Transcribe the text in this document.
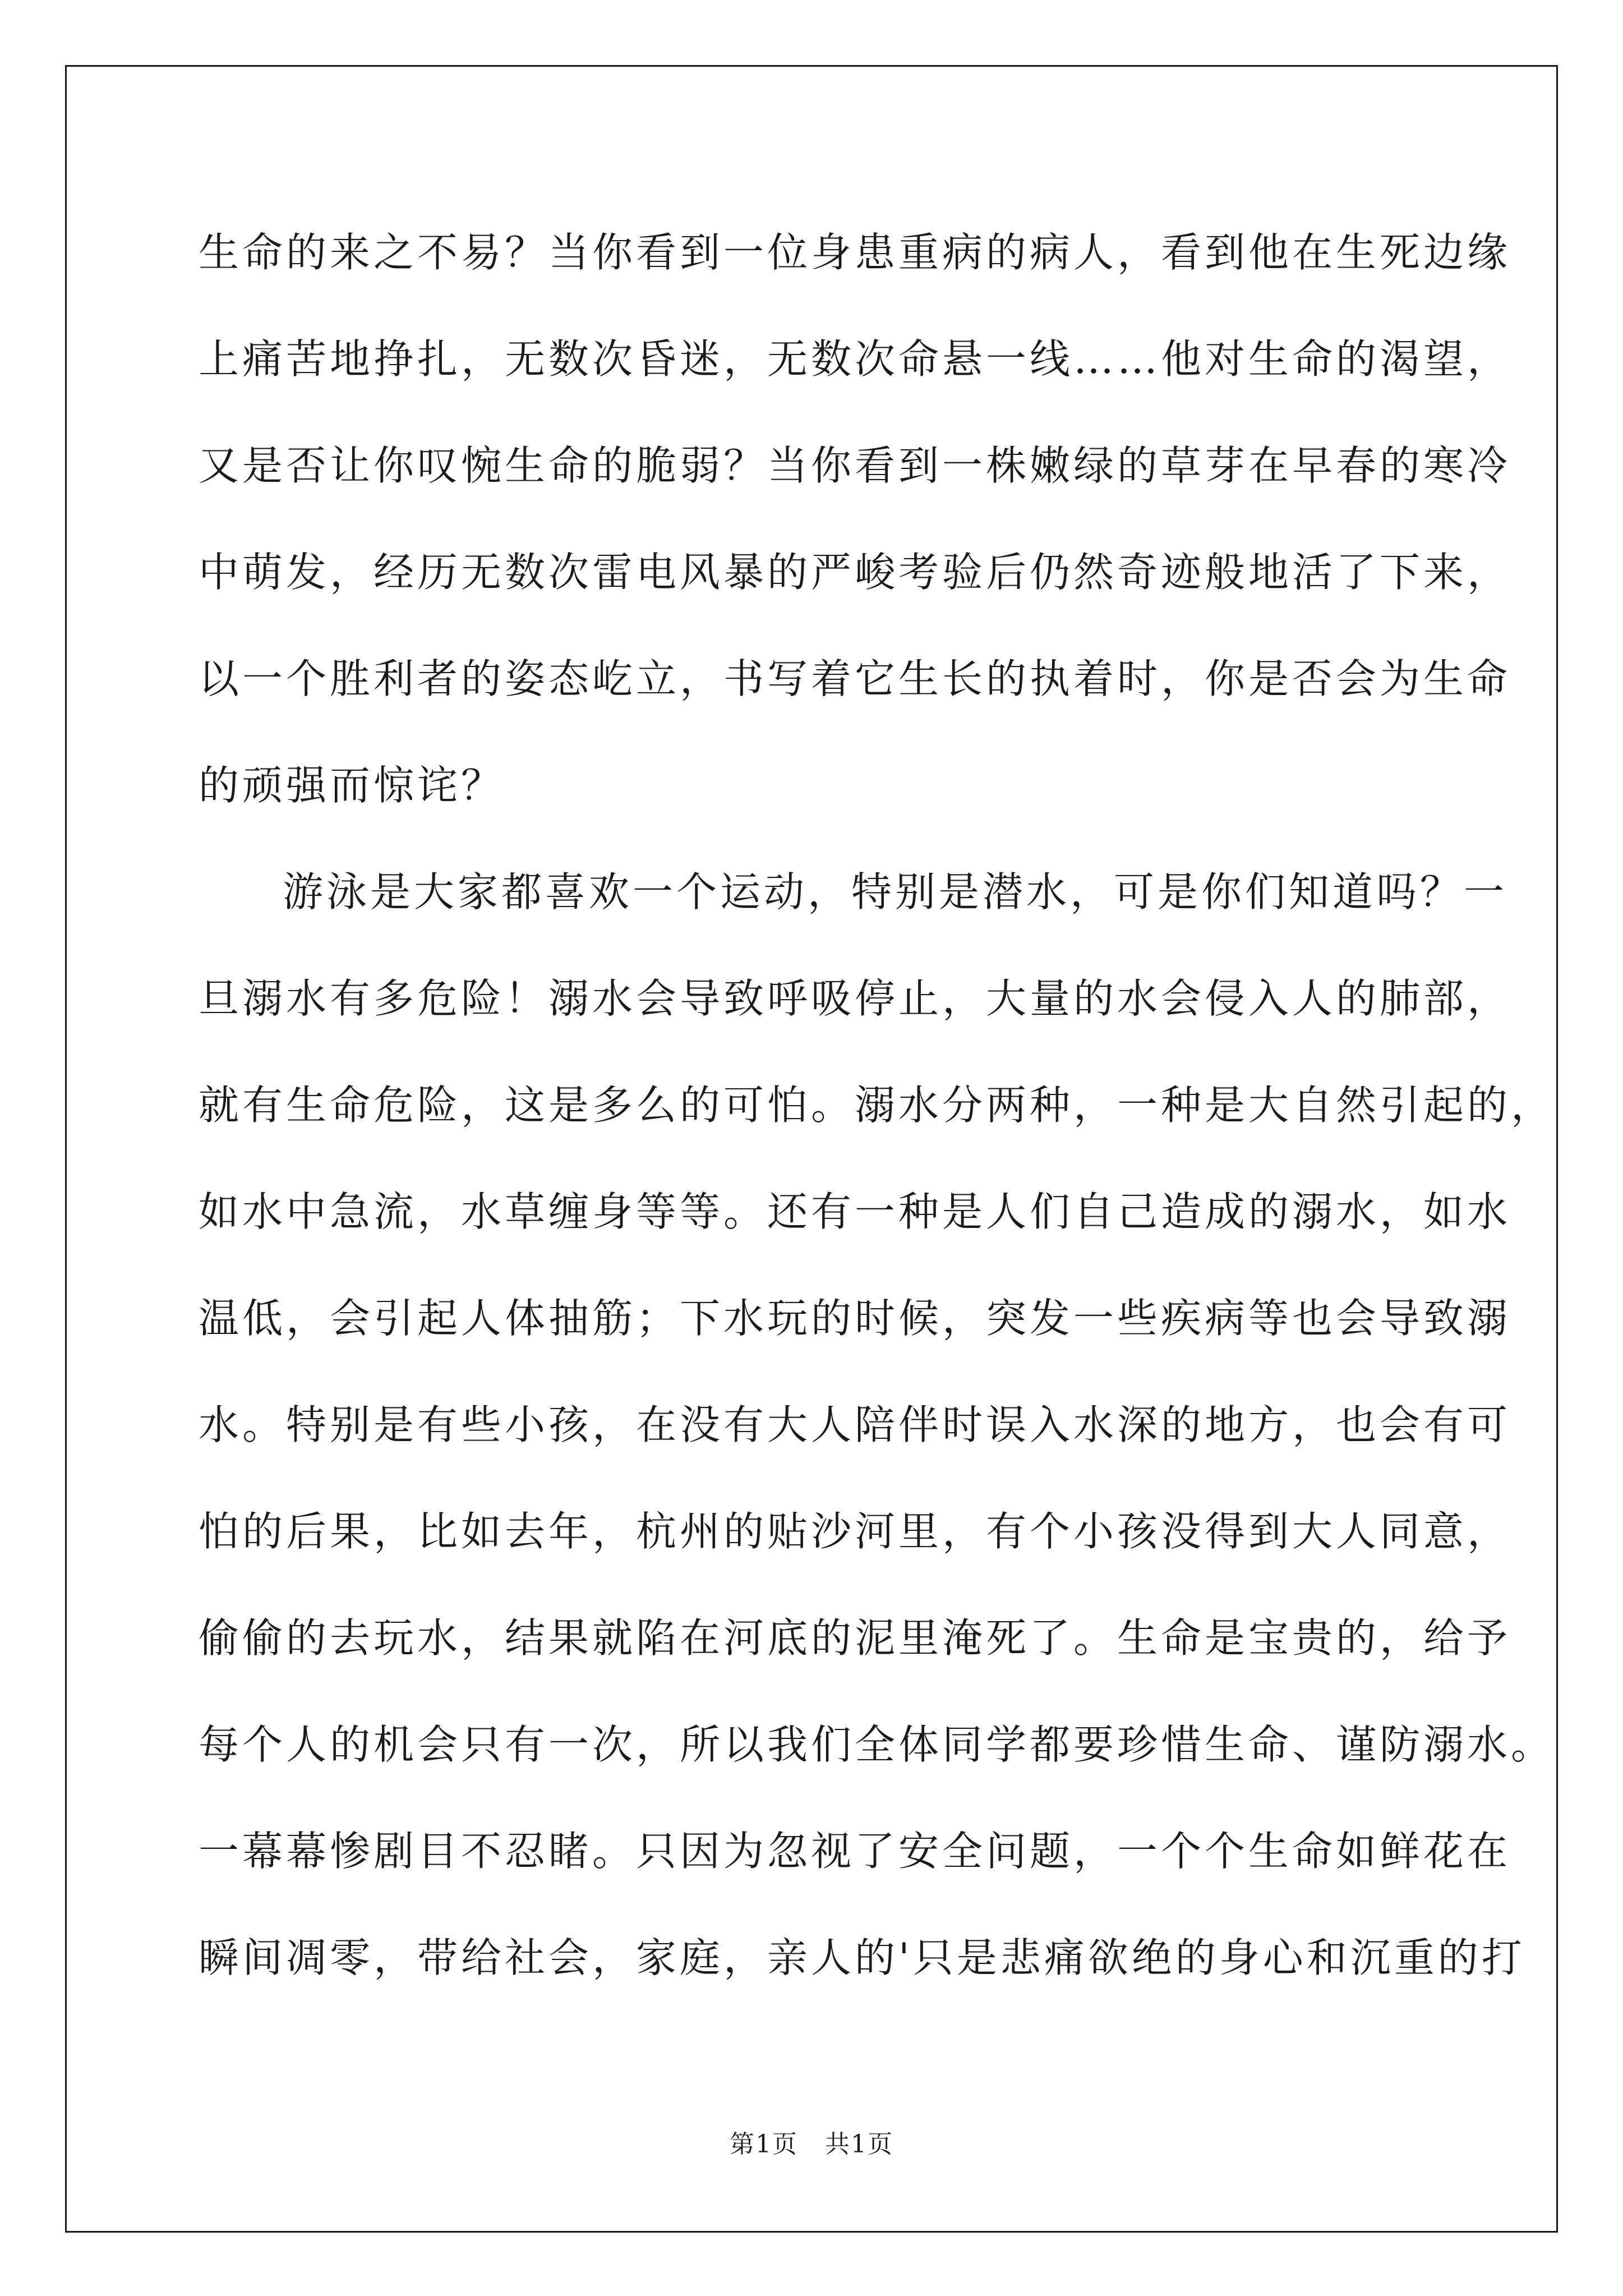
生命的来之不易？当你看到一位身患重病的病人，看到他在生死边缘
上痛苦地挣扎，无数次昏迷，无数次命悬一线……他对生命的渴望，
又是否让你叹惋生命的脆弱？当你看到一株嫩绿的草芽在早春的寒冷
中萌发，经历无数次雷电风暴的严峻考验后仍然奇迹般地活了下来，
以一个胜利者的姿态屹立，书写着它生长的执着时，你是否会为生命
的顽强而惊诧？
游泳是大家都喜欢一个运动，特别是潜水，可是你们知道吗？一
旦溺水有多危险！溺水会导致呼吸停止，大量的水会侵入人的肺部，
就有生命危险，这是多么的可怕。溺水分两种，一种是大自然引起的，
如水中急流，水草缠身等等。还有一种是人们自己造成的溺水，如水
温低，会引起人体抽筋；下水玩的时候，突发一些疾病等也会导致溺
水。特别是有些小孩，在没有大人陪伴时误入水深的地方，也会有可
怕的后果，比如去年，杭州的贴沙河里，有个小孩没得到大人同意，
偷偷的去玩水，结果就陷在河底的泥里淹死了。生命是宝贵的，给予
每个人的机会只有一次，所以我们全体同学都要珍惜生命、谨防溺水。
一幕幕惨剧目不忍睹。只因为忽视了安全问题，一个个生命如鲜花在
瞬间凋零，带给社会，家庭，亲人的'只是悲痛欲绝的身心和沉重的打
第1页   共1页
